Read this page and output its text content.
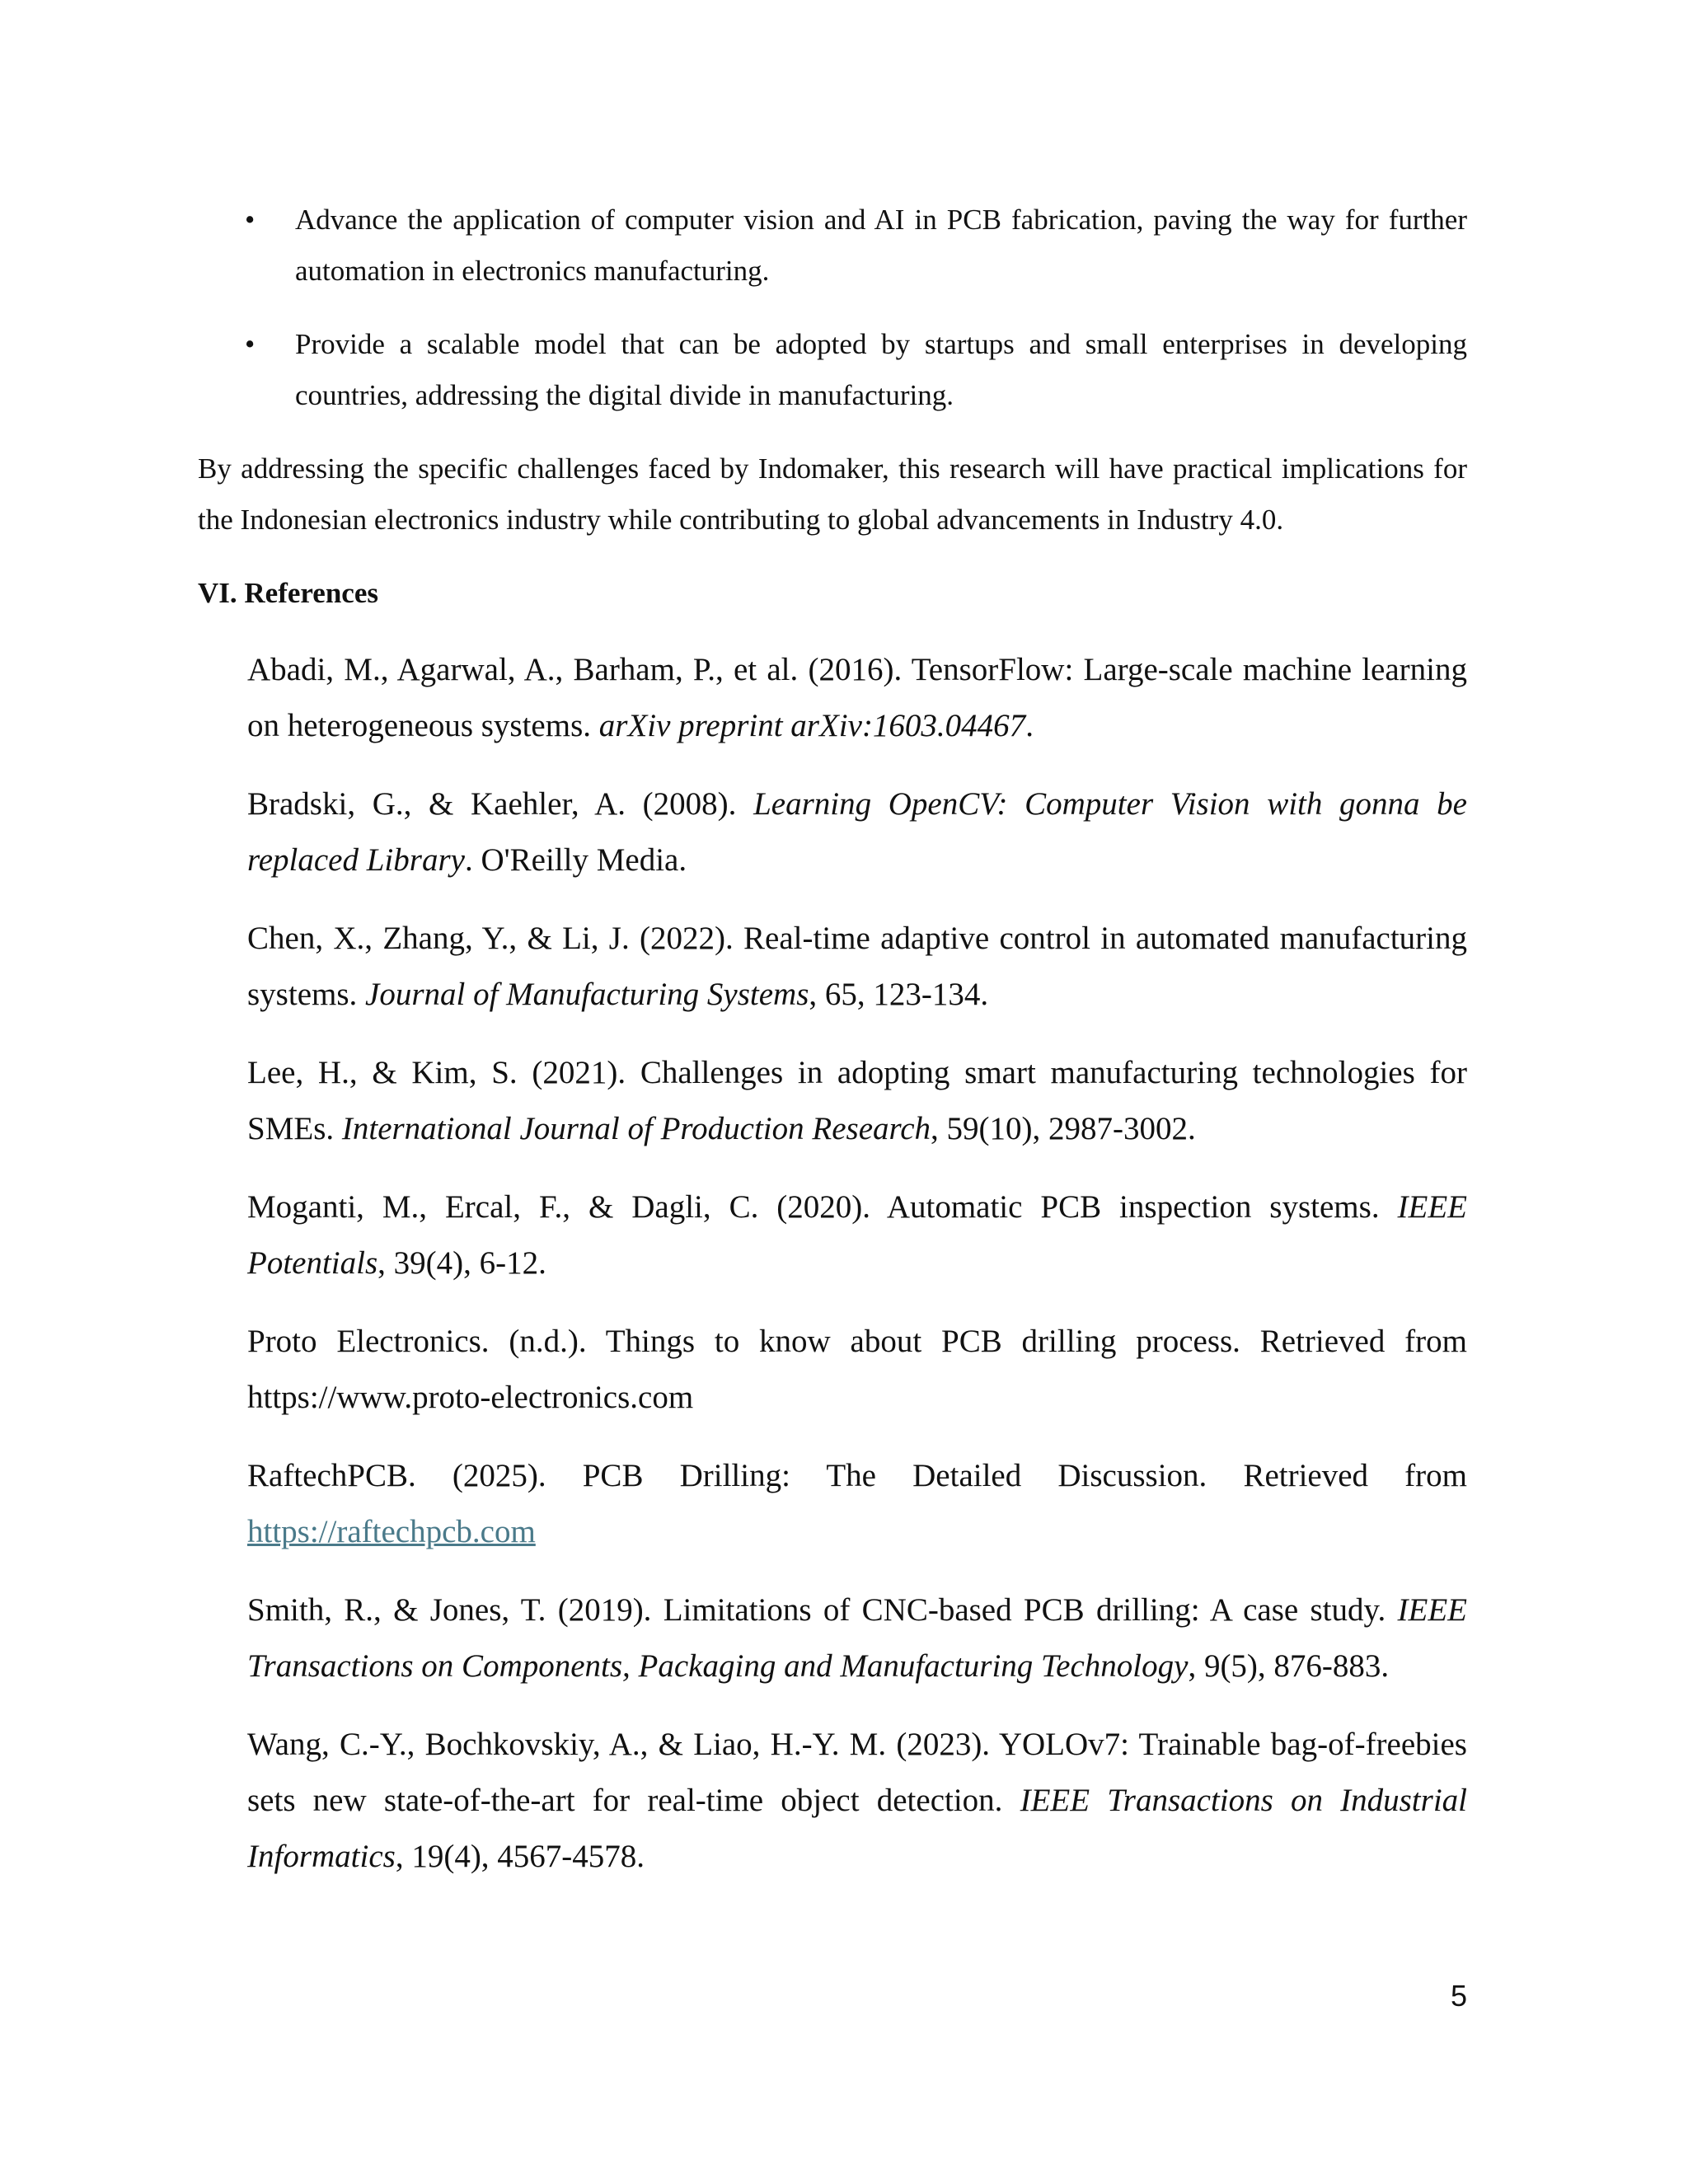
• Advance the application of computer vision and AI in PCB fabrication, paving the way for further automation in electronics manufacturing.
• Provide a scalable model that can be adopted by startups and small enterprises in developing countries, addressing the digital divide in manufacturing.

By addressing the specific challenges faced by Indomaker, this research will have practical implications for the Indonesian electronics industry while contributing to global advancements in Industry 4.0.

VI. References
Abadi, M., Agarwal, A., Barham, P., et al. (2016). TensorFlow: Large-scale machine learning on heterogeneous systems. arXiv preprint arXiv:1603.04467.
Bradski, G., & Kaehler, A. (2008). Learning OpenCV: Computer Vision with gonna be replaced Library. O'Reilly Media.
Chen, X., Zhang, Y., & Li, J. (2022). Real-time adaptive control in automated manufacturing systems. Journal of Manufacturing Systems, 65, 123-134.
Lee, H., & Kim, S. (2021). Challenges in adopting smart manufacturing technologies for SMEs. International Journal of Production Research, 59(10), 2987-3002.
Moganti, M., Ercal, F., & Dagli, C. (2020). Automatic PCB inspection systems. IEEE Potentials, 39(4), 6-12.
Proto Electronics. (n.d.). Things to know about PCB drilling process. Retrieved from https://www.proto-electronics.com
RaftechPCB. (2025). PCB Drilling: The Detailed Discussion. Retrieved from https://raftechpcb.com
Smith, R., & Jones, T. (2019). Limitations of CNC-based PCB drilling: A case study. IEEE Transactions on Components, Packaging and Manufacturing Technology, 9(5), 876-883.
Wang, C.-Y., Bochkovskiy, A., & Liao, H.-Y. M. (2023). YOLOv7: Trainable bag-of-freebies sets new state-of-the-art for real-time object detection. IEEE Transactions on Industrial Informatics, 19(4), 4567-4578.
5
